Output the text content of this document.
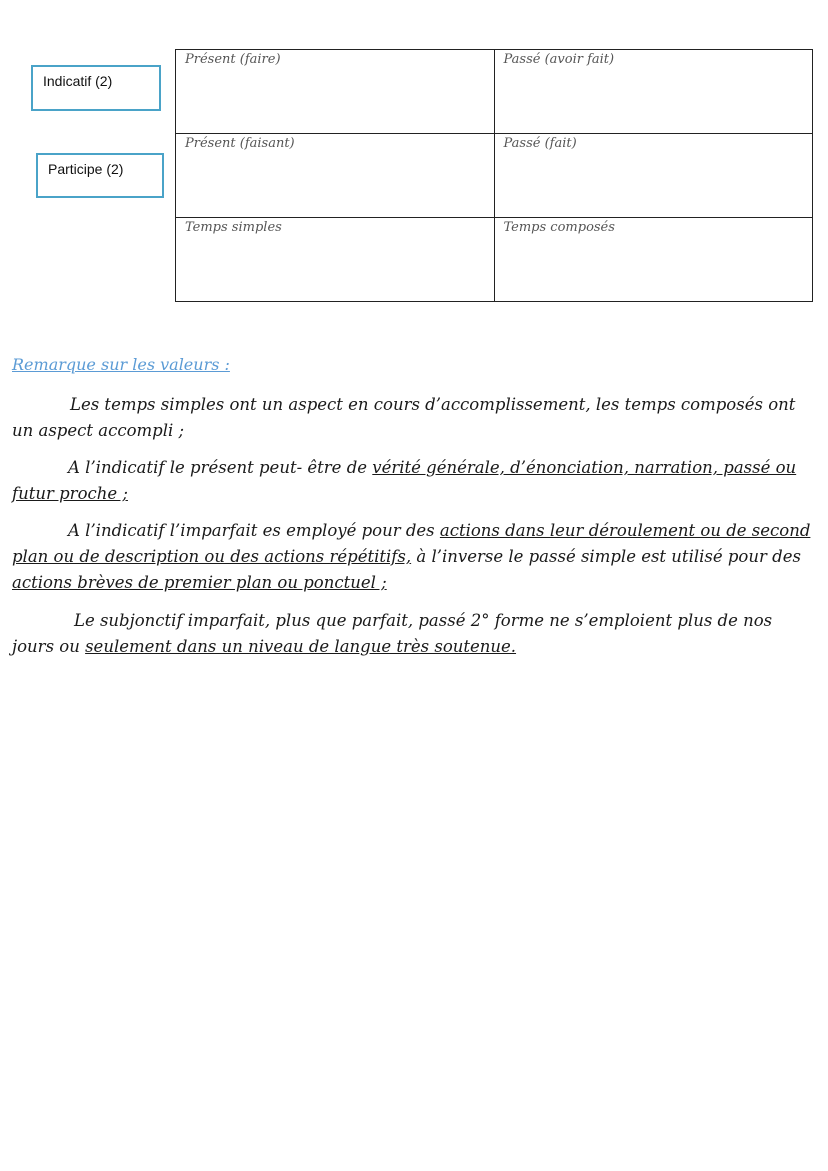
Indicatif (2)
Participe (2)
Présent (faire)	Passé (avoir fait)
Présent (faisant)	Passé (fait)
Temps simples	Temps composés
Remarque sur les valeurs :

Les temps simples ont un aspect en cours d’accomplissement, les temps composés ont un aspect accompli ;

A l’indicatif le présent peut- être de vérité générale, d’énonciation, narration, passé ou futur proche ;

A l’indicatif l’imparfait es employé pour des actions dans leur déroulement ou de second plan ou de description ou des actions répétitifs, à l’inverse le passé simple est utilisé pour des actions brèves de premier plan ou ponctuel ;

Le subjonctif imparfait, plus que parfait, passé 2° forme ne s’emploient plus de nos jours ou seulement dans un niveau de langue très soutenue.
